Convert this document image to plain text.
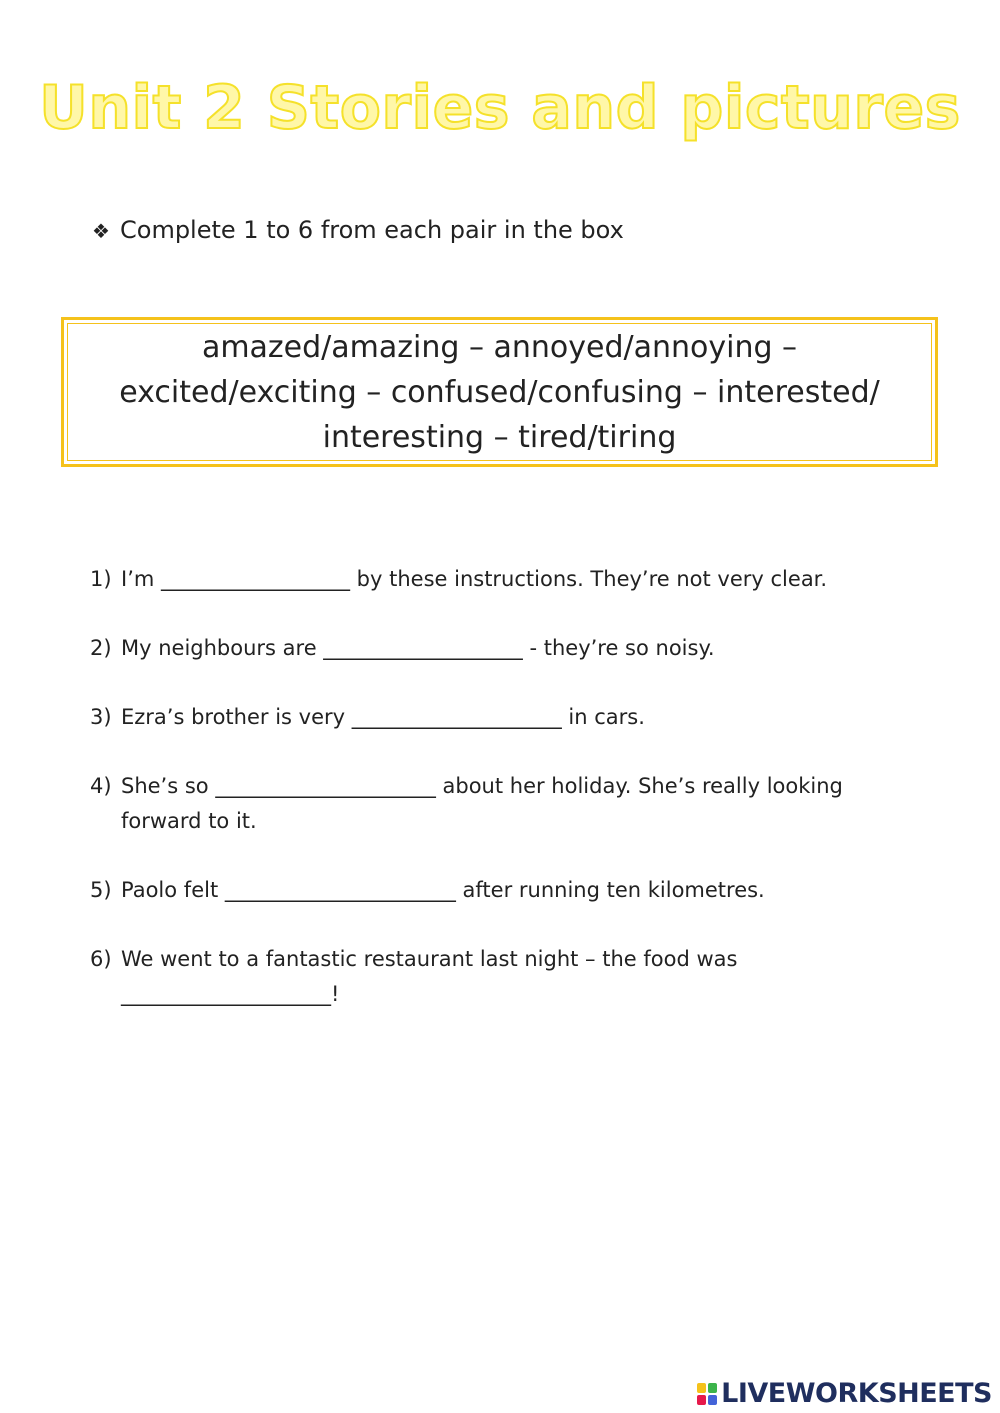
Unit 2 Stories and pictures
❖ Complete 1 to 6 from each pair in the box
amazed/amazing – annoyed/annoying – excited/exciting – confused/confusing – interested/ interesting – tired/tiring
1) I’m __________________ by these instructions. They’re not very clear.
2) My neighbours are ___________________ - they’re so noisy.
3) Ezra’s brother is very ____________________ in cars.
4) She’s so _____________________ about her holiday. She’s really looking forward to it.
5) Paolo felt ______________________ after running ten kilometres.
6) We went to a fantastic restaurant last night – the food was ____________________!
LIVEWORKSHEETS
